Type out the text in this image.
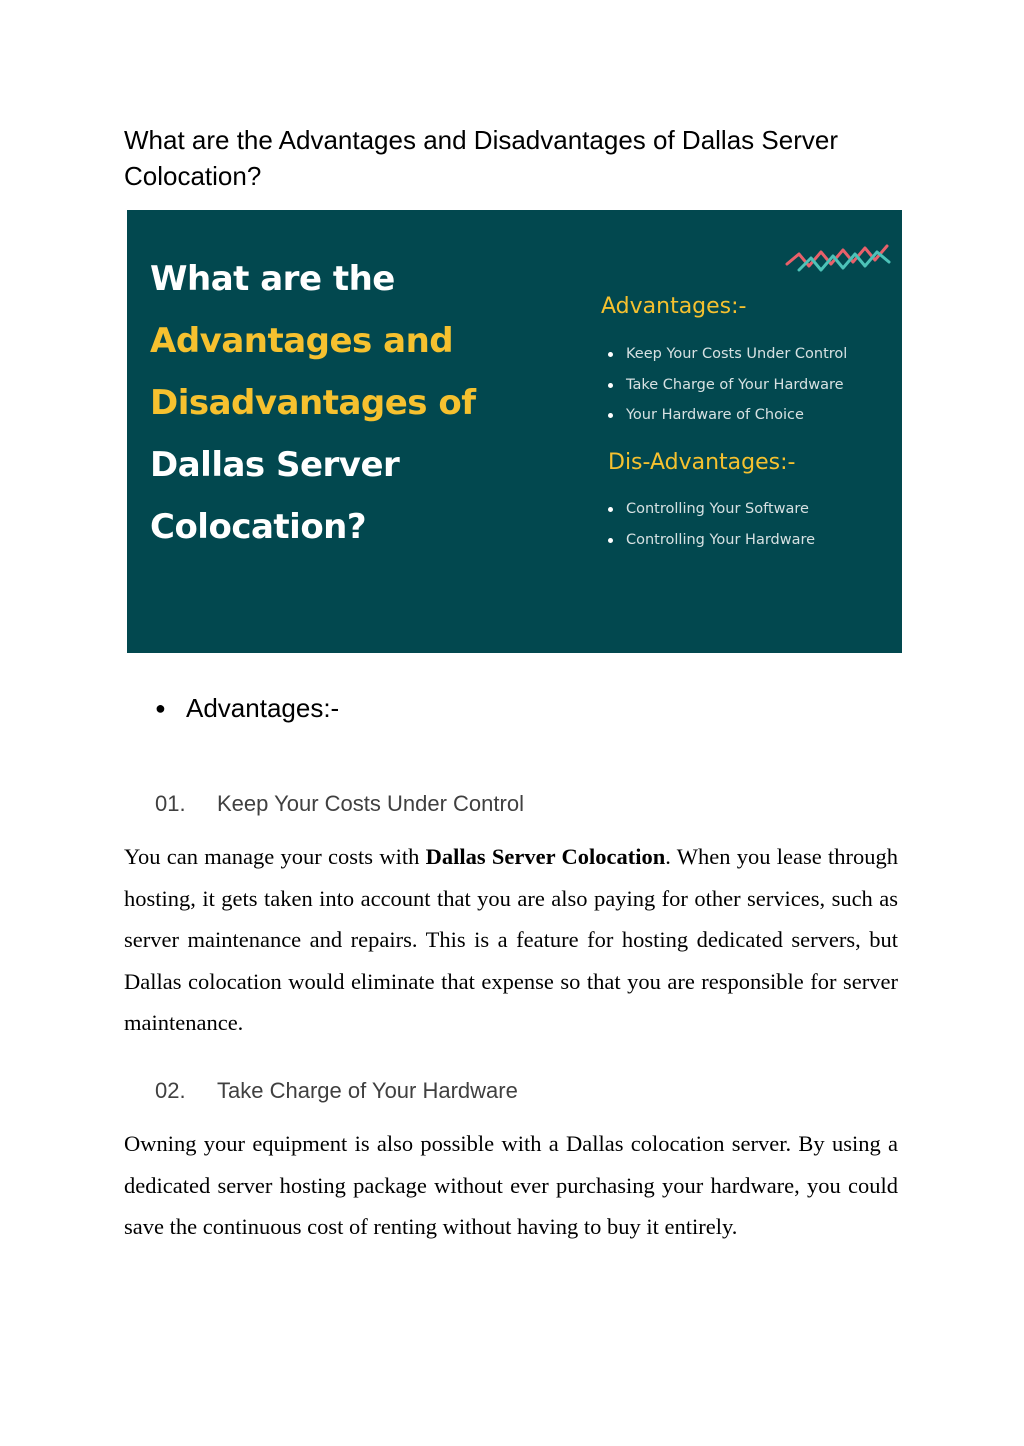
What are the Advantages and Disadvantages of Dallas Server Colocation?
What are the
Advantages and
Disadvantages of
Dallas Server
Colocation?
Advantages:-
Keep Your Costs Under Control
Take Charge of Your Hardware
Your Hardware of Choice
Dis-Advantages:-
Controlling Your Software
Controlling Your Hardware
● Advantages:-
01.	Keep Your Costs Under Control

You can manage your costs with Dallas Server Colocation. When you lease through hosting, it gets taken into account that you are also paying for other services, such as server maintenance and repairs. This is a feature for hosting dedicated servers, but Dallas colocation would eliminate that expense so that you are responsible for server maintenance.

02.	Take Charge of Your Hardware

Owning your equipment is also possible with a Dallas colocation server. By using a dedicated server hosting package without ever purchasing your hardware, you could save the continuous cost of renting without having to buy it entirely.
